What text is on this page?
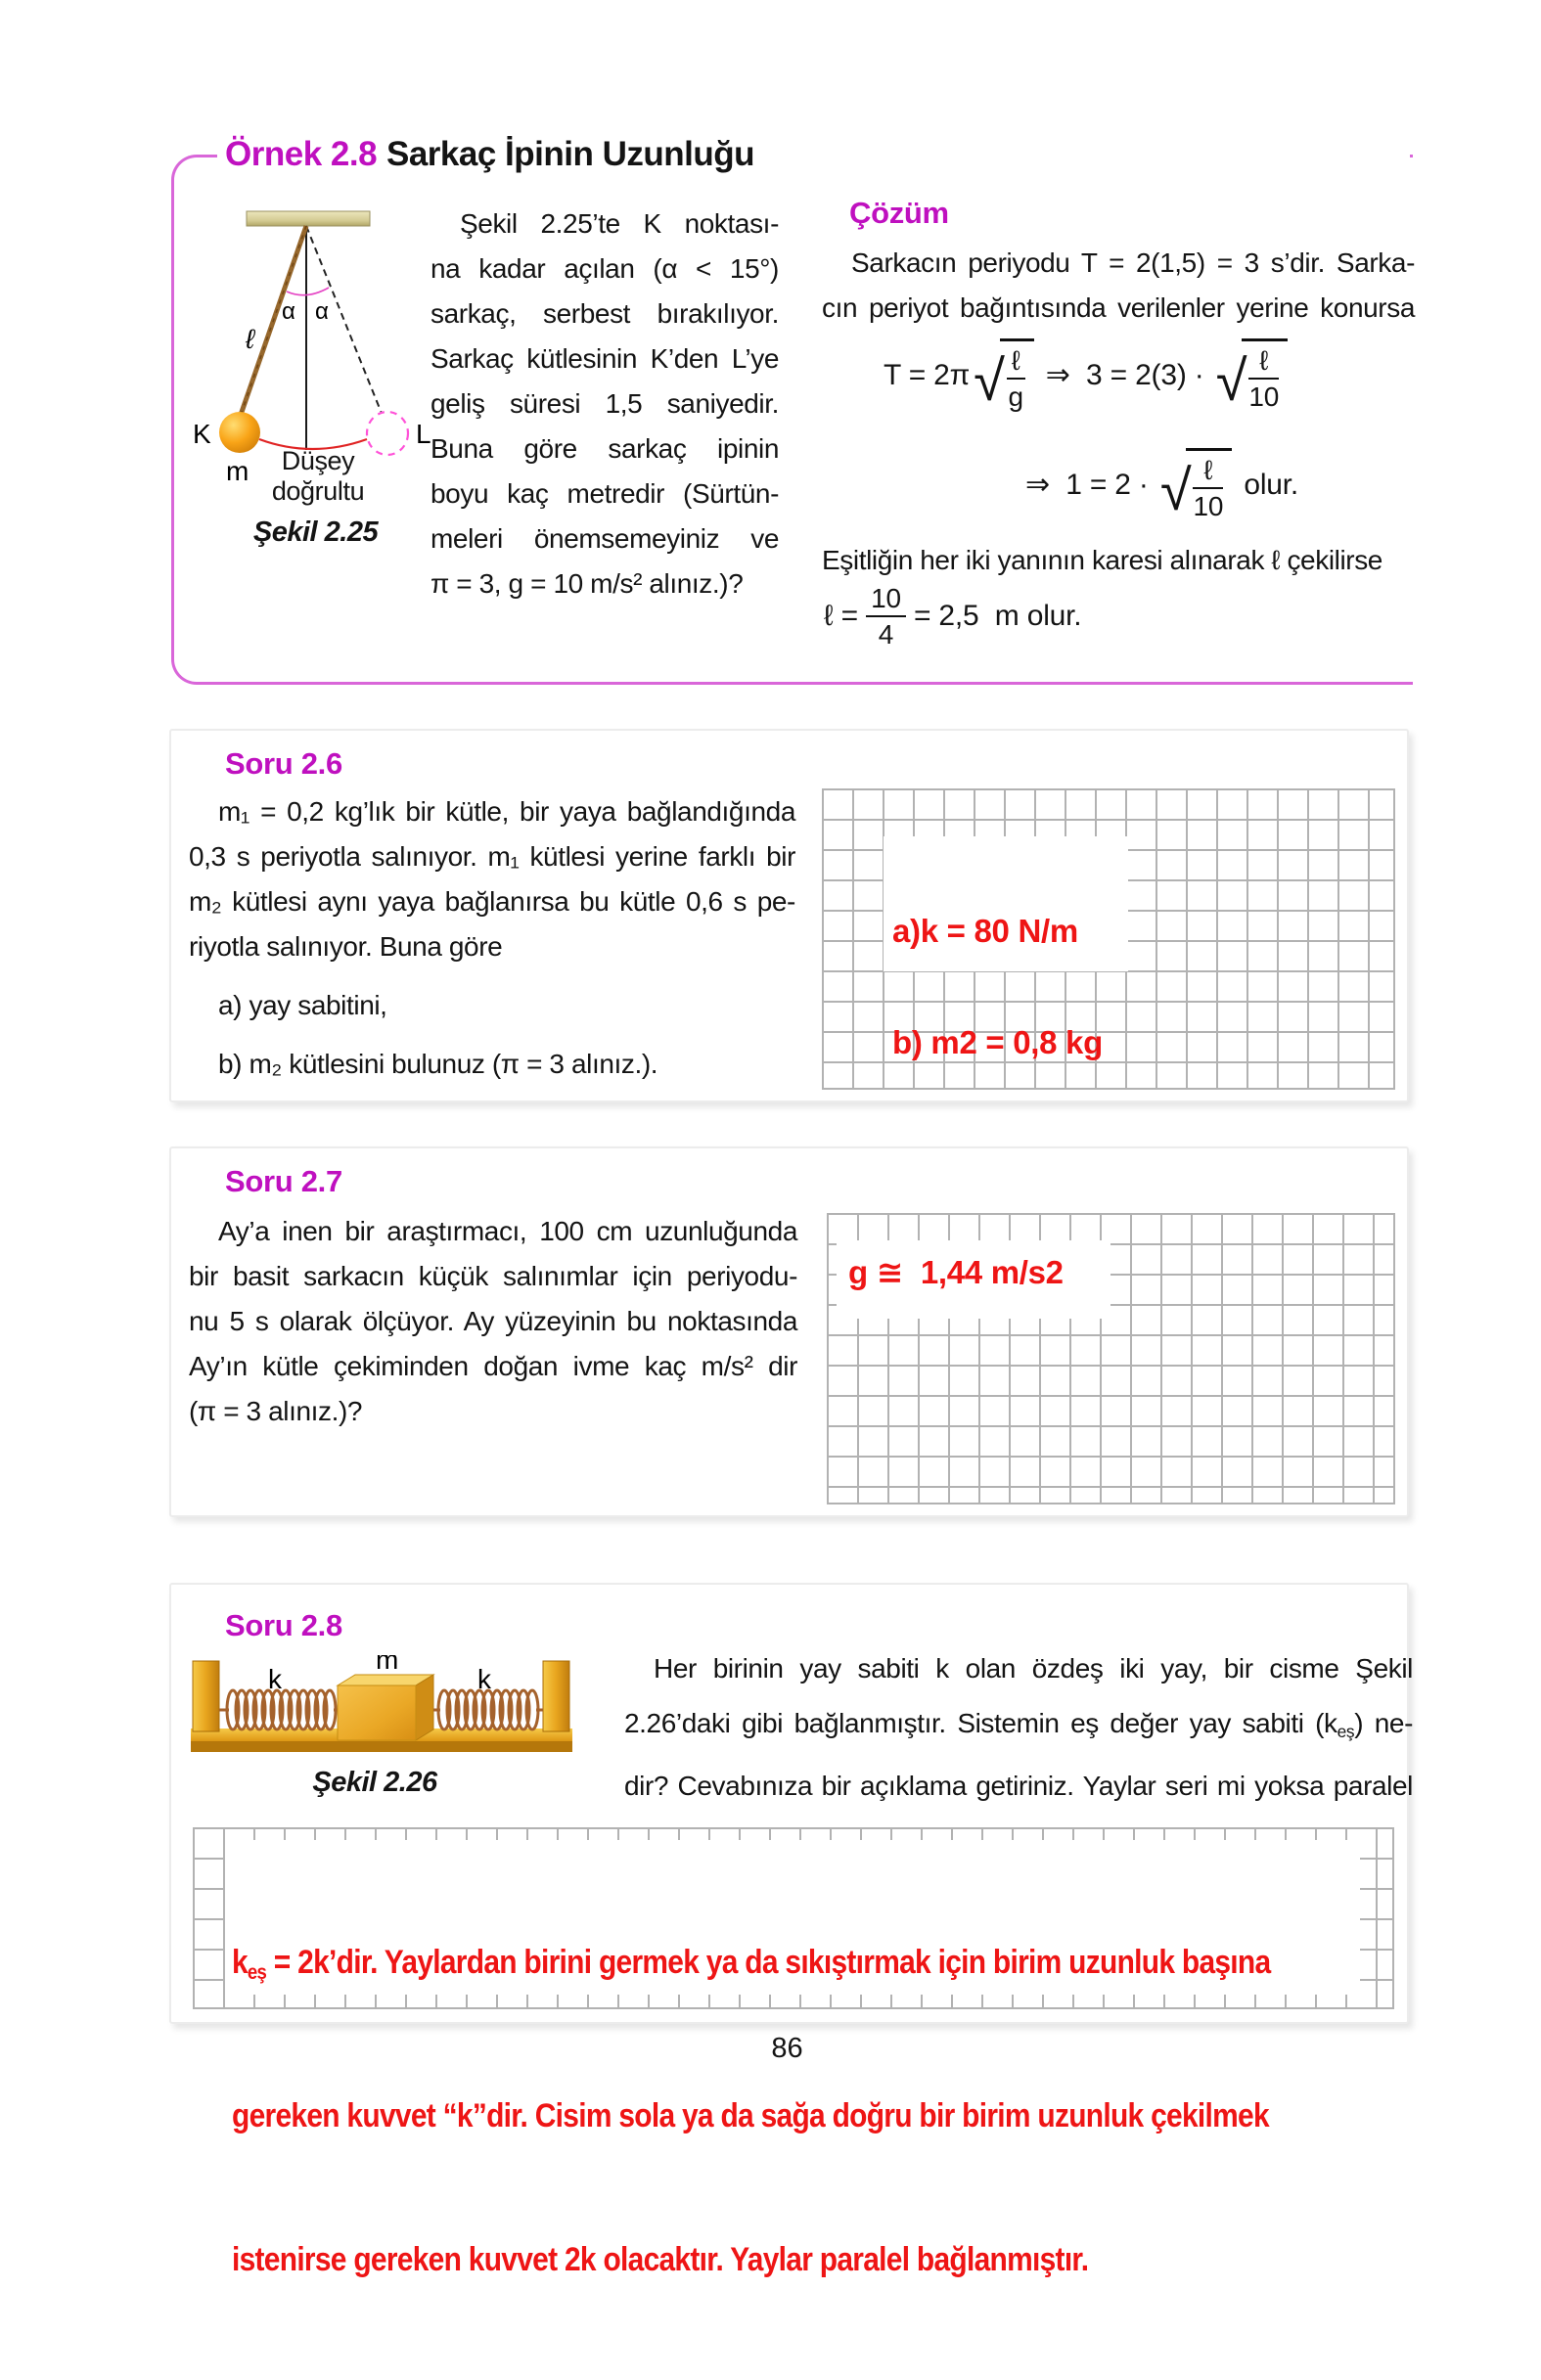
Örnek 2.8 Sarkaç İpinin Uzunluğu
α α
ℓ
K	L
m	Düşey
doğrultu
Şekil 2.25
Şekil 2.25’te K noktası-
na kadar açılan (α < 15°)
sarkaç, serbest bırakılıyor.
Sarkaç kütlesinin K’den L’ye
geliş süresi 1,5 saniyedir.
Buna göre sarkaç ipinin
boyu kaç metredir (Sürtün-
meleri önemsemeyiniz ve
π = 3, g = 10 m/s² alınız.)?
Çözüm
Sarkacın periyodu T = 2(1,5) = 3 s’dir. Sarka-
cın periyot bağıntısında verilenler yerine konursa
T = 2π √ $\frac{\text{ℓ}}{g}$ ⇒  3 = 2(3) · √ $\frac{\text{ℓ}}{10}$
⇒  1 = 2 · √ $\frac{\text{ℓ}}{10}$ olur.
Eşitliğin her iki yanının karesi alınarak ℓ çekilirse
ℓ = $\frac{10}{4} = 2,5$  m olur.
Soru 2.6
m₁ = 0,2 kg’lık bir kütle, bir yaya bağlandığında
0,3 s periyotla salınıyor. m₁ kütlesi yerine farklı bir
m₂ kütlesi aynı yaya bağlanırsa bu kütle 0,6 s pe-
riyotla salınıyor. Buna göre
a) yay sabitini,
b) m₂ kütlesini bulunuz (π = 3 alınız.).

a)k = 80 N/m

b) m2 = 0,8 kg

Soru 2.7
Ay’a inen bir araştırmacı, 100 cm uzunluğunda
bir basit sarkacın küçük salınımlar için periyodu-
nu 5 s olarak ölçüyor. Ay yüzeyinin bu noktasında
Ay’ın kütle çekiminden doğan ivme kaç m/s² dir
(π = 3 alınız.)?
g ≅  1,44 m/s2
Soru 2.8
k	k
m
Şekil 2.26
Her birinin yay sabiti k olan özdeş iki yay, bir cisme Şekil
2.26’daki gibi bağlanmıştır. Sistemin eş değer yay sabiti $(k_{eş})$ ne-
dir? Cevabınıza bir açıklama getiriniz. Yaylar seri mi yoksa paralel

$k_{eş}$ = 2k’dir. Yaylardan birini germek ya da sıkıştırmak için birim uzunluk başına

gereken kuvvet “k”dir. Cisim sola ya da sağa doğru bir birim uzunluk çekilmek

istenirse gereken kuvvet 2k olacaktır. Yaylar paralel bağlanmıştır.

86
